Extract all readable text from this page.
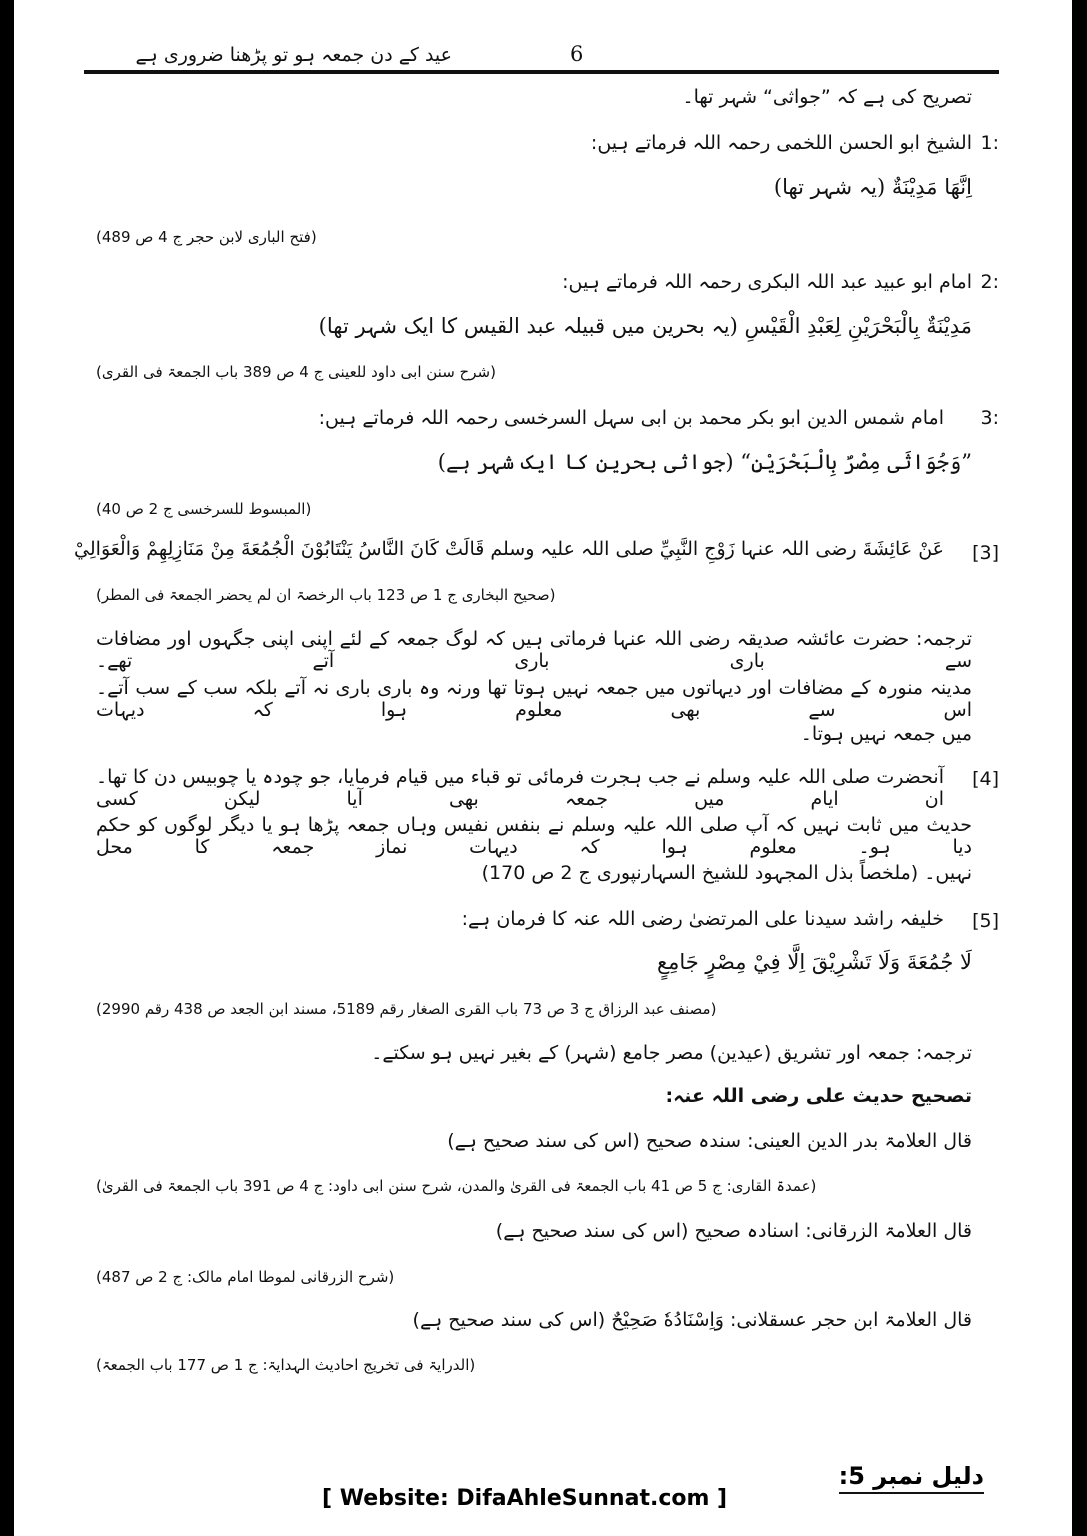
6
عید کے دن جمعہ ہو تو پڑھنا ضروری ہے
تصریح کی ہے کہ ”جواثی“ شہر تھا۔
1:
الشیخ ابو الحسن اللخمی رحمہ اللہ فرماتے ہیں:
اِنَّهَا مَدِيْنَةٌ (یہ شہر تھا)
(فتح الباری لابن حجر ج 4 ص 489)
2:
امام ابو عبید عبد اللہ البکری رحمہ اللہ فرماتے ہیں:
مَدِيْنَةٌ بِالْبَحْرَيْنِ لِعَبْدِ الْقَيْسِ (یہ بحرین میں قبیلہ عبد القیس کا ایک شہر تھا)
(شرح سنن ابی داود للعینی ج 4 ص 389 باب الجمعۃ فی القری)
3:
امام شمس الدین ابو بکر محمد بن ابی سہل السرخسی رحمہ اللہ فرماتے ہیں:
”وَجُوَاثَى مِصْرٌ بِالْبَحْرَيْنِ“ (جواثی بحرین کا ایک شہر ہے)
(المبسوط للسرخسی ج 2 ص 40)
[3]
عَنْ عَائِشَةَ رضی اللہ عنہا زَوْجِ النَّبِيِّ صلی اللہ علیہ وسلم قَالَتْ كَانَ النَّاسُ يَنْتَابُوْنَ الْجُمُعَةَ مِنْ مَنَازِلِهِمْ وَالْعَوَالِيْ
(صحیح البخاری ج 1 ص 123 باب الرخصۃ ان لم یحضر الجمعۃ فی المطر)
ترجمہ: حضرت عائشہ صدیقہ رضی اللہ عنہا فرماتی ہیں کہ لوگ جمعہ کے لئے اپنی اپنی جگہوں اور مضافات سے باری باری آتے تھے۔
مدینہ منورہ کے مضافات اور دیہاتوں میں جمعہ نہیں ہوتا تھا ورنہ وہ باری باری نہ آتے بلکہ سب کے سب آتے۔ اس سے بھی معلوم ہوا کہ دیہات
میں جمعہ نہیں ہوتا۔
[4]
آنحضرت صلی اللہ علیہ وسلم نے جب ہجرت فرمائی تو قباء میں قیام فرمایا، جو چودہ یا چوبیس دن کا تھا۔ ان ایام میں جمعہ بھی آیا لیکن کسی
حدیث میں ثابت نہیں کہ آپ صلی اللہ علیہ وسلم نے بنفس نفیس وہاں جمعہ پڑھا ہو یا دیگر لوگوں کو حکم دیا ہو۔ معلوم ہوا کہ دیہات نماز جمعہ کا محل
نہیں۔ (ملخصاً بذل المجہود للشیخ السہارنپوری ج 2 ص 170)
[5]
خلیفہ راشد سیدنا علی المرتضیٰ رضی اللہ عنہ کا فرمان ہے:
لَا جُمُعَةَ وَلَا تَشْرِيْقَ اِلَّا فِيْ مِصْرٍ جَامِعٍ
(مصنف عبد الرزاق ج 3 ص 73 باب القری الصغار رقم 5189، مسند ابن الجعد ص 438 رقم 2990)
ترجمہ: جمعہ اور تشریق (عیدین) مصر جامع (شہر) کے بغیر نہیں ہو سکتے۔
تصحیح حدیث علی رضی اللہ عنہ:
قال العلامۃ بدر الدین العینی: سندہ صحیح (اس کی سند صحیح ہے)
(عمدۃ القاری: ج 5 ص 41 باب الجمعۃ فی القریٰ والمدن، شرح سنن ابی داود: ج 4 ص 391 باب الجمعۃ فی القریٰ)
قال العلامۃ الزرقانی: اسنادہ صحیح (اس کی سند صحیح ہے)
(شرح الزرقانی لموطا امام مالک: ج 2 ص 487)
قال العلامۃ ابن حجر عسقلانی: وَاِسْنَادُهٗ صَحِيْحٌ (اس کی سند صحیح ہے)
(الدرایۃ فی تخریج احادیث الہدایۃ: ج 1 ص 177 باب الجمعۃ)
دلیل نمبر 5:
[ Website: DifaAhleSunnat.com ]
